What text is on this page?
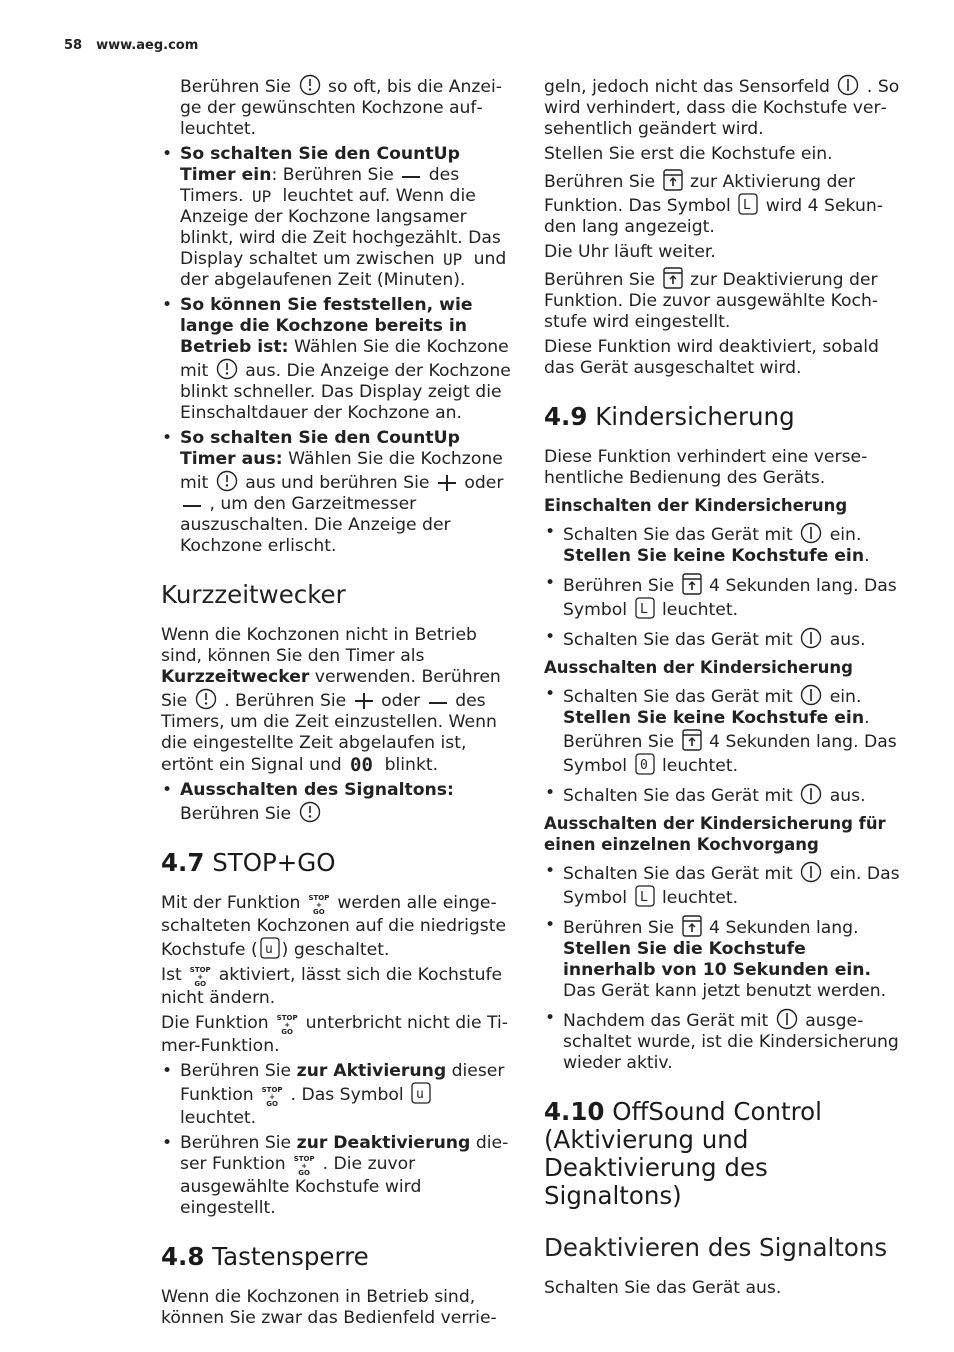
58 www.aeg.com

Berühren Sie so oft, bis die Anzeige der gewünschten Kochzone aufleuchtet.

• So schalten Sie den CountUp Timer ein: Berühren Sie des Timers. UP leuchtet auf. Wenn die Anzeige der Kochzone langsamer blinkt, wird die Zeit hochgezählt. Das Display schaltet um zwischen UP und der abgelaufenen Zeit (Minuten).
• So können Sie feststellen, wie lange die Kochzone bereits in Betrieb ist: Wählen Sie die Kochzone mit aus. Die Anzeige der Kochzone blinkt schneller. Das Display zeigt die Einschaltdauer der Kochzone an.
• So schalten Sie den CountUp Timer aus: Wählen Sie die Kochzone mit aus und berühren Sie oder
, um den Garzeitmesser auszuschalten. Die Anzeige der Kochzone erlischt.
Kurzzeitwecker

Wenn die Kochzonen nicht in Betrieb sind, können Sie den Timer als Kurzzeitwecker verwenden. Berühren Sie . Berühren Sie oder des Timers, um die Zeit einzustellen. Wenn die eingestellte Zeit abgelaufen ist, ertönt ein Signal und 00 blinkt.

• Ausschalten des Signaltons: Berühren Sie
4.7 STOP+GO

Mit der Funktion STOP
+
GO werden alle eingeschalteten Kochzonen auf die niedrigste Kochstufe ( u ) geschaltet.

Ist STOP
+
GO aktiviert, lässt sich die Kochstufe nicht ändern.

Die Funktion STOP
+
GO unterbricht nicht die Timer-Funktion.

• Berühren Sie zur Aktivierung dieser Funktion STOP
+
GO . Das Symbol u
leuchtet.
• Berühren Sie zur Deaktivierung dieser Funktion STOP
+
GO . Die zuvor ausgewählte Kochstufe wird eingestellt.
4.8 Tastensperre

Wenn die Kochzonen in Betrieb sind, können Sie zwar das Bedienfeld verrie-

geln, jedoch nicht das Sensorfeld . So wird verhindert, dass die Kochstufe versehentlich geändert wird.

Stellen Sie erst die Kochstufe ein.

Berühren Sie zur Aktivierung der Funktion. Das Symbol L wird 4 Sekunden lang angezeigt.

Die Uhr läuft weiter.

Berühren Sie zur Deaktivierung der Funktion. Die zuvor ausgewählte Kochstufe wird eingestellt.

Diese Funktion wird deaktiviert, sobald das Gerät ausgeschaltet wird.

4.9 Kindersicherung

Diese Funktion verhindert eine versehentliche Bedienung des Geräts.

Einschalten der Kindersicherung
• Schalten Sie das Gerät mit ein. Stellen Sie keine Kochstufe ein.
• Berühren Sie 4 Sekunden lang. Das Symbol L leuchtet.
• Schalten Sie das Gerät mit aus.
Ausschalten der Kindersicherung
• Schalten Sie das Gerät mit ein. Stellen Sie keine Kochstufe ein. Berühren Sie 4 Sekunden lang. Das Symbol 0 leuchtet.
• Schalten Sie das Gerät mit aus.
Ausschalten der Kindersicherung für einen einzelnen Kochvorgang
• Schalten Sie das Gerät mit ein. Das Symbol L leuchtet.
• Berühren Sie 4 Sekunden lang. Stellen Sie die Kochstufe innerhalb von 10 Sekunden ein. Das Gerät kann jetzt benutzt werden.
• Nachdem das Gerät mit ausgeschaltet wurde, ist die Kindersicherung wieder aktiv.
4.10 OffSound Control (Aktivierung und Deaktivierung des Signaltons)
Deaktivieren des Signaltons

Schalten Sie das Gerät aus.
